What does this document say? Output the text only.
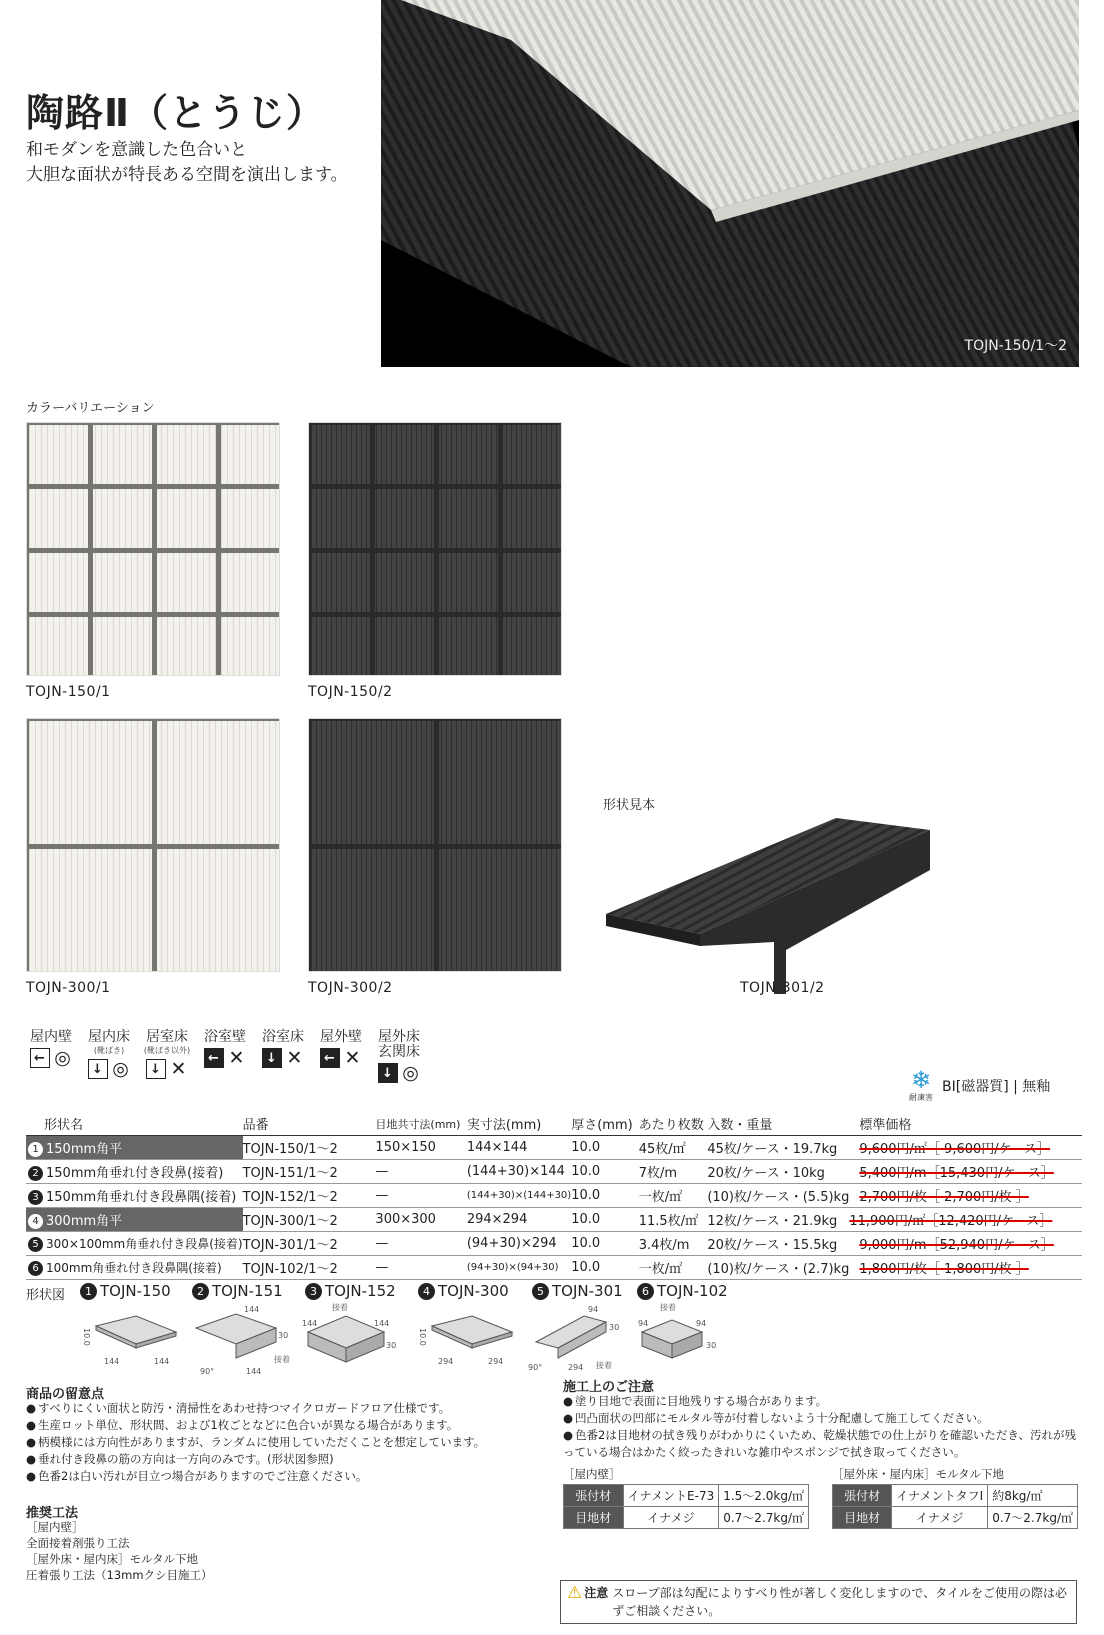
陶路Ⅱ（とうじ）
和モダンを意識した色合いと
大胆な面状が特長ある空間を演出します。
TOJN-150/1〜2
カラーバリエーション
TOJN-150/1	TOJN-150/2
TOJN-300/1	TOJN-300/2
形状見本
TOJN-301/2
屋内壁
← ◎
屋内床
(靴ばき)
↓ ◎
居室床
(靴ばき以外)
↓ ✕
浴室壁
← ✕
浴室床
↓ ✕
屋外壁
← ✕
屋外床
玄関床
↓ ◎	❄
耐凍害
BⅠ[磁器質] | 無釉
形状名	品番	目地共寸法(mm)	実寸法(mm)	厚さ(mm)	あたり枚数	入数・重量	標準価格
1 150mm角平	TOJN-150/1〜2	150×150	144×144	10.0	45枚/㎡	45枚/ケース・19.7kg	9,600円/㎡［ 9,600円/ケース］
2 150mm角垂れ付き段鼻(接着)	TOJN-151/1〜2	—	(144+30)×144	10.0	7枚/m	20枚/ケース・10kg	5,400円/m［15,430円/ケース］
3 150mm角垂れ付き段鼻隅(接着)	TOJN-152/1〜2	—	(144+30)×(144+30)	10.0	一枚/㎡	(10)枚/ケース・(5.5)kg	2,700円/枚［ 2,700円/枚 ］
4 300mm角平	TOJN-300/1〜2	300×300	294×294	10.0	11.5枚/㎡	12枚/ケース・21.9kg	11,900円/㎡［12,420円/ケース］
5 300×100mm角垂れ付き段鼻(接着)	TOJN-301/1〜2	—	(94+30)×294	10.0	3.4枚/m	20枚/ケース・15.5kg	9,000円/m［52,940円/ケース］
6 100mm角垂れ付き段鼻隅(接着)	TOJN-102/1〜2	—	(94+30)×(94+30)	10.0	一枚/㎡	(10)枚/ケース・(2.7)kg	1,800円/枚［ 1,800円/枚 ］
形状図	1 TOJN-150	2 TOJN-151	3 TOJN-152	4 TOJN-300	5 TOJN-301	6 TOJN-102
10.0
144	144
144
30
144
90°
接着
接着
144	144
30	10.0
294	294
94
30
294
90°	接着
接着
94	94
30
商品の留意点
● すべりにくい面状と防汚・清掃性をあわせ持つマイクロガードフロア仕様です。
● 生産ロット単位、形状間、および1枚ごとなどに色合いが異なる場合があります。
● 柄模様には方向性がありますが、ランダムに使用していただくことを想定しています。
● 垂れ付き段鼻の筋の方向は一方向のみです。(形状図参照)
● 色番2は白い汚れが目立つ場合がありますのでご注意ください。
推奨工法
［屋内壁］
全面接着剤張り工法
［屋外床・屋内床］モルタル下地
圧着張り工法（13mmクシ目施工）
施工上のご注意
● 塗り目地で表面に目地残りする場合があります。
● 凹凸面状の凹部にモルタル等が付着しないよう十分配慮して施工してください。
● 色番2は目地材の拭き残りがわかりにくいため、乾燥状態での仕上がりを確認いただき、汚れが残っている場合はかたく絞ったきれいな雑巾やスポンジで拭き取ってください。
［屋内壁］
張付材	イナメントE-73	1.5〜2.0kg/㎡
目地材	イナメジ	0.7〜2.7kg/㎡
［屋外床・屋内床］モルタル下地
張付材	イナメントタフⅠ	約8kg/㎡
目地材	イナメジ	0.7〜2.7kg/㎡
⚠ 注意 スロープ部は勾配によりすべり性が著しく変化しますので、タイルをご使用の際は必ずご相談ください。
